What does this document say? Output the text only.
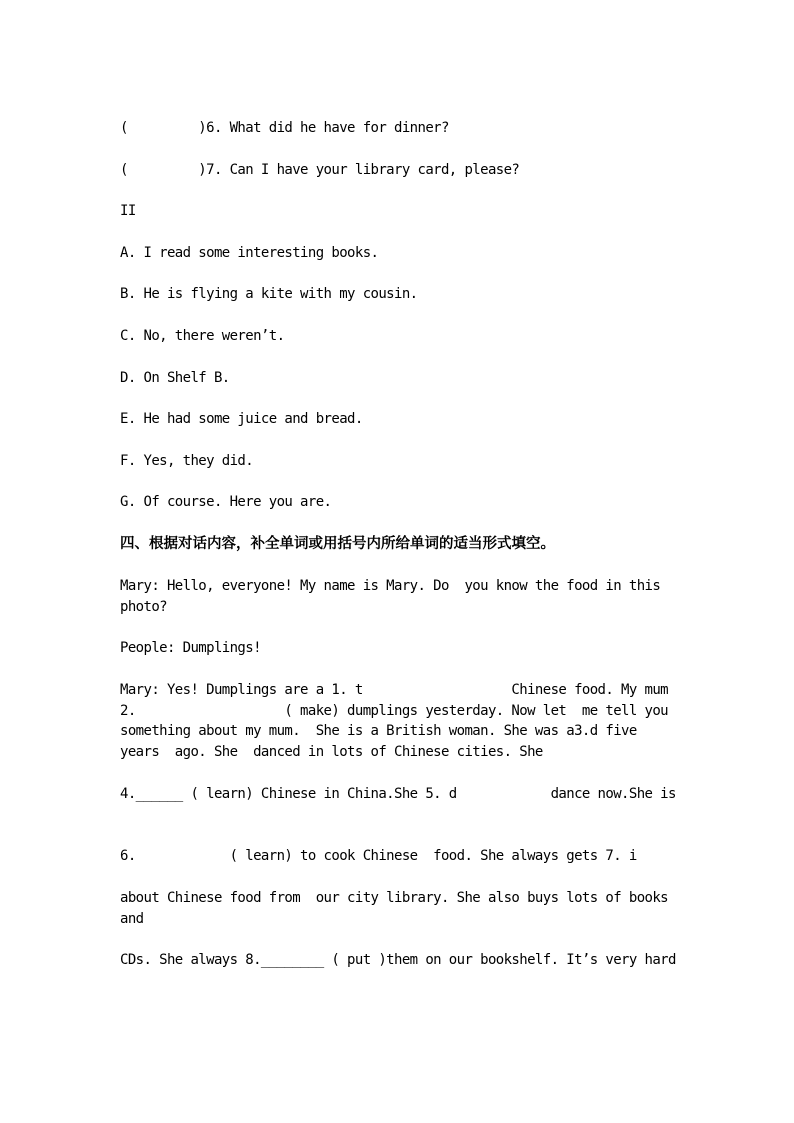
(         )6. What did he have for dinner?
(         )7. Can I have your library card, please?
II
A. I read some interesting books.
B. He is flying a kite with my cousin.
C. No, there weren’t.
D. On Shelf B.
E. He had some juice and bread.
F. Yes, they did.
G. Of course. Here you are.
四、根据对话内容，补全单词或用括号内所给单词的适当形式填空。
Mary: Hello, everyone! My name is Mary. Do  you know the food in this photo?
People: Dumplings!
Mary: Yes! Dumplings are a 1. t                   Chinese food. My mum 2.                   ( make) dumplings yesterday. Now let  me tell you something about my mum.  She is a British woman. She was a3.d five  years  ago. She  danced in lots of Chinese cities. She
4.______ ( learn) Chinese in China.She 5. d            dance now.She is
6.            ( learn) to cook Chinese  food. She always gets 7. i
about Chinese food from  our city library. She also buys lots of books and
CDs. She always 8.________ ( put )them on our bookshelf. It’s very hard
